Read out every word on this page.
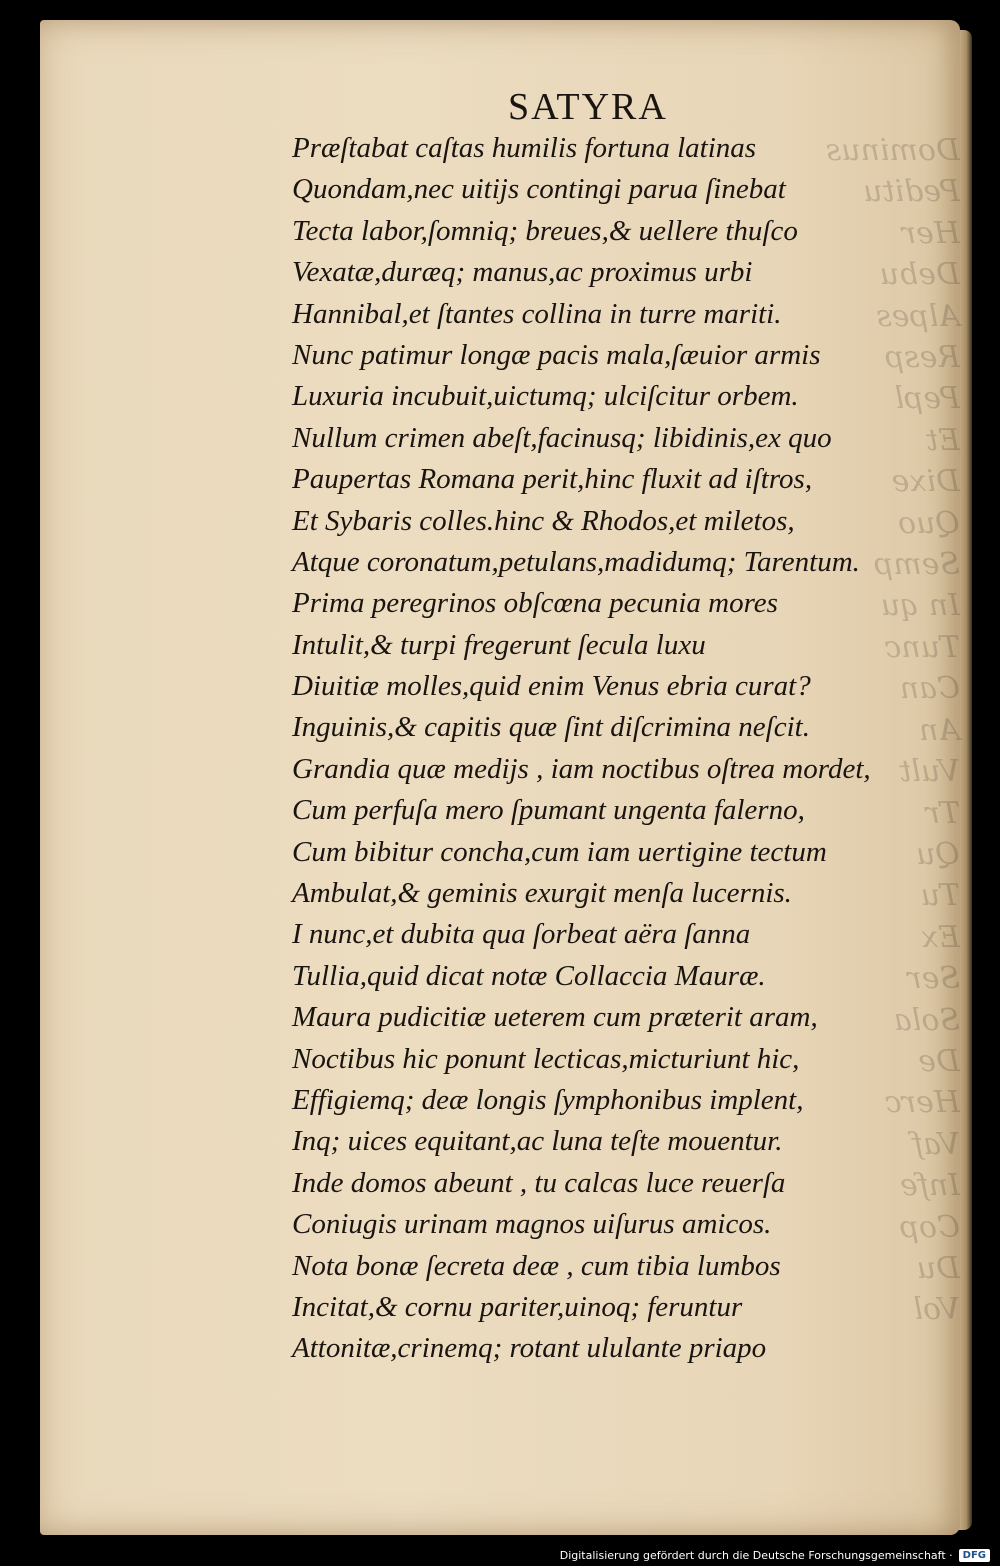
Dominus
Peditu
Her
Debu
Alpes
Resp
Pepl
Et
Dixe
Quo
Semp
In qu
Tunc
Can
An
Vult
Tr
Qu
Tu
Ex
Ser
Sola
De
Herc
Vaf
Infe
Cop
Du
Vol
SATYRA
Præſtabat caſtas humilis fortuna latinas
Quondam,nec uitijs contingi parua ſinebat
Tecta labor,ſomniq; breues,& uellere thuſco
Vexatæ,duræq; manus,ac proximus urbi
Hannibal,et ſtantes collina in turre mariti.
Nunc patimur longæ pacis mala,ſæuior armis
Luxuria incubuit,uictumq; ulciſcitur orbem.
Nullum crimen abeſt,facinusq; libidinis,ex quo
Paupertas Romana perit,hinc fluxit ad iſtros,
Et Sybaris colles.hinc & Rhodos,et miletos,
Atque coronatum,petulans,madidumq; Tarentum.
Prima peregrinos obſcœna pecunia mores
Intulit,& turpi fregerunt ſecula luxu
Diuitiæ molles,quid enim Venus ebria curat?
Inguinis,& capitis quæ ſint diſcrimina neſcit.
Grandia quæ medijs , iam noctibus oſtrea mordet,
Cum perfuſa mero ſpumant ungenta falerno,
Cum bibitur concha,cum iam uertigine tectum
Ambulat,& geminis exurgit menſa lucernis.
I nunc,et dubita qua ſorbeat aëra ſanna
Tullia,quid dicat notæ Collaccia Mauræ.
Maura pudicitiæ ueterem cum præterit aram,
Noctibus hic ponunt lecticas,micturiunt hic,
Effigiemq; deæ longis ſymphonibus implent,
Inq; uices equitant,ac luna teſte mouentur.
Inde domos abeunt , tu calcas luce reuerſa
Coniugis urinam magnos uiſurus amicos.
Nota bonæ ſecreta deæ , cum tibia lumbos
Incitat,& cornu pariter,uinoq; feruntur
Attonitæ,crinemq; rotant ululante priapo
Digitalisierung gefördert durch die Deutsche Forschungsgemeinschaft ·	DFG
